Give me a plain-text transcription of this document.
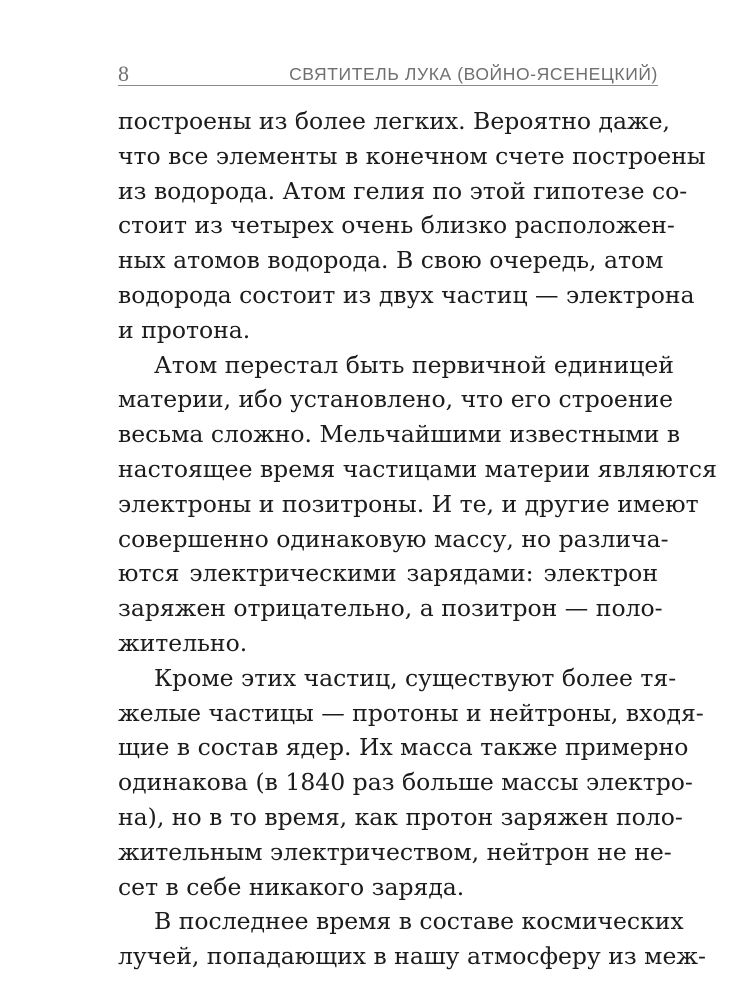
8	СВЯТИТЕЛЬ ЛУКА (ВОЙНО-ЯСЕНЕЦКИЙ)

построены из более легких. Вероятно даже,
что все элементы в конечном счете построены
из водорода. Атом гелия по этой гипотезе со-
стоит из четырех очень близко расположен-
ных атомов водорода. В свою очередь, атом
водорода состоит из двух частиц — электрона
и протона.

Атом перестал быть первичной единицей
материи, ибо установлено, что его строение
весьма сложно. Мельчайшими известными в
настоящее время частицами материи являются
электроны и позитроны. И те, и другие имеют
совершенно одинаковую массу, но различа-
ются электрическими зарядами: электрон
заряжен отрицательно, а позитрон — поло-
жительно.

Кроме этих частиц, существуют более тя-
желые частицы — протоны и нейтроны, входя-
щие в состав ядер. Их масса также примерно
одинакова (в 1840 раз больше массы электро-
на), но в то время, как протон заряжен поло-
жительным электричеством, нейтрон не не-
сет в себе никакого заряда.

В последнее время в составе космических
лучей, попадающих в нашу атмосферу из меж-
